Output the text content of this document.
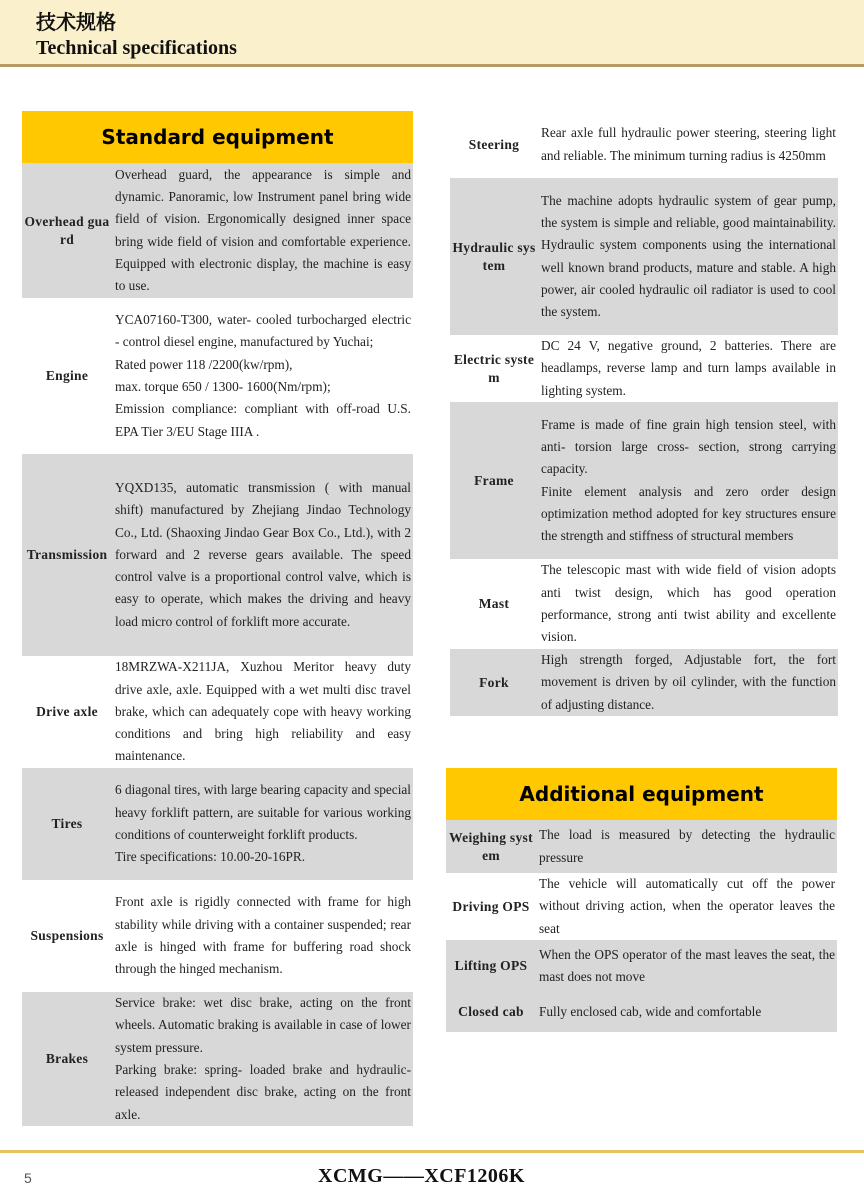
技术规格
Technical specifications
Standard equipment
Overhead guard	Overhead guard, the appearance is simple and dynamic. Panoramic, low Instrument panel bring wide field of vision. Ergonomically designed inner space bring wide field of vision and comfortable experience. Equipped with electronic display, the machine is easy to use.
Engine	YCA07160-T300, water- cooled turbocharged electric - control diesel engine, manufactured by Yuchai;
Rated power 118 /2200(kw/rpm),
max. torque 650 / 1300- 1600(Nm/rpm);
Emission compliance: compliant with off-road U.S. EPA Tier 3/EU Stage IIIA .
Transmission	YQXD135, automatic transmission ( with manual shift) manufactured by Zhejiang Jindao Technology Co., Ltd. (Shaoxing Jindao Gear Box Co., Ltd.), with 2 forward and 2 reverse gears available. The speed control valve is a proportional control valve, which is easy to operate, which makes the driving and heavy load micro control of forklift more accurate.
Drive axle	18MRZWA-X211JA, Xuzhou Meritor heavy duty drive axle, axle. Equipped with a wet multi disc travel brake, which can adequately cope with heavy working conditions and bring high reliability and easy maintenance.
Tires	6 diagonal tires, with large bearing capacity and special heavy forklift pattern, are suitable for various working conditions of counterweight forklift products.
Tire specifications: 10.00-20-16PR.
Suspensions	Front axle is rigidly connected with frame for high stability while driving with a container suspended; rear axle is hinged with frame for buffering road shock through the hinged mechanism.
Brakes	Service brake: wet disc brake, acting on the front wheels. Automatic braking is available in case of lower system pressure.
Parking brake: spring- loaded brake and hydraulic- released independent disc brake, acting on the front axle.
Steering	Rear axle full hydraulic power steering, steering light and reliable. The minimum turning radius is 4250mm
Hydraulic system	The machine adopts hydraulic system of gear pump, the system is simple and reliable, good maintainability. Hydraulic system components using the international well known brand products, mature and stable. A high power, air cooled hydraulic oil radiator is used to cool the system.
Electric system	DC 24 V, negative ground, 2 batteries. There are headlamps, reverse lamp and turn lamps available in lighting system.
Frame	Frame is made of fine grain high tension steel, with anti- torsion large cross- section, strong carrying capacity.
Finite element analysis and zero order design optimization method adopted for key structures ensure the strength and stiffness of structural members
Mast	The telescopic mast with wide field of vision adopts anti twist design, which has good operation performance, strong anti twist ability and excellente vision.
Fork	High strength forged, Adjustable fort, the fort movement is driven by oil cylinder, with the function of adjusting distance.
Additional equipment
Weighing system	The load is measured by detecting the hydraulic pressure
Driving OPS	The vehicle will automatically cut off the power without driving action, when the operator leaves the seat
Lifting OPS	When the OPS operator of the mast leaves the seat, the mast does not move
Closed cab	Fully enclosed cab, wide and comfortable
5	XCMG——XCF1206K
